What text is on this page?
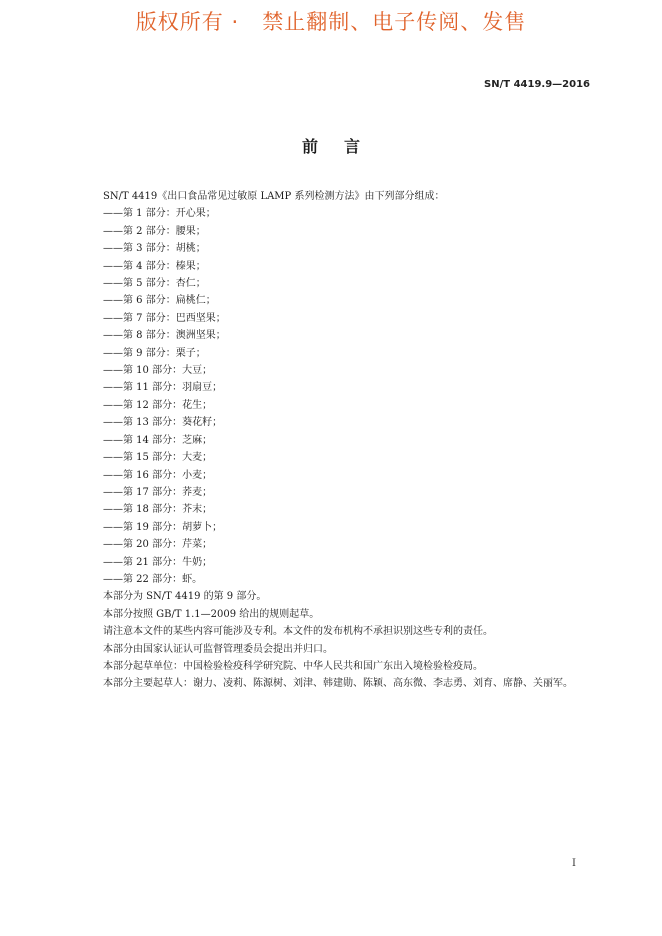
版权所有 ·   禁止翻制、电子传阅、发售
SN/T 4419.9—2016
前言
SN/T 4419《出口食品常见过敏原 LAMP 系列检测方法》由下列部分组成：
——第 1 部分：开心果；
——第 2 部分：腰果；
——第 3 部分：胡桃；
——第 4 部分：榛果；
——第 5 部分：杏仁；
——第 6 部分：扁桃仁；
——第 7 部分：巴西坚果；
——第 8 部分：澳洲坚果；
——第 9 部分：栗子；
——第 10 部分：大豆；
——第 11 部分：羽扇豆；
——第 12 部分：花生；
——第 13 部分：葵花籽；
——第 14 部分：芝麻；
——第 15 部分：大麦；
——第 16 部分：小麦；
——第 17 部分：荞麦；
——第 18 部分：芥末；
——第 19 部分：胡萝卜；
——第 20 部分：芹菜；
——第 21 部分：牛奶；
——第 22 部分：虾。
本部分为 SN/T 4419 的第 9 部分。
本部分按照 GB/T 1.1—2009 给出的规则起草。
请注意本文件的某些内容可能涉及专利。本文件的发布机构不承担识别这些专利的责任。
本部分由国家认证认可监督管理委员会提出并归口。
本部分起草单位：中国检验检疫科学研究院、中华人民共和国广东出入境检验检疫局。
本部分主要起草人：谢力、凌莉、陈源树、刘津、韩建勋、陈颖、高东微、李志勇、刘育、席静、关丽军。
I
